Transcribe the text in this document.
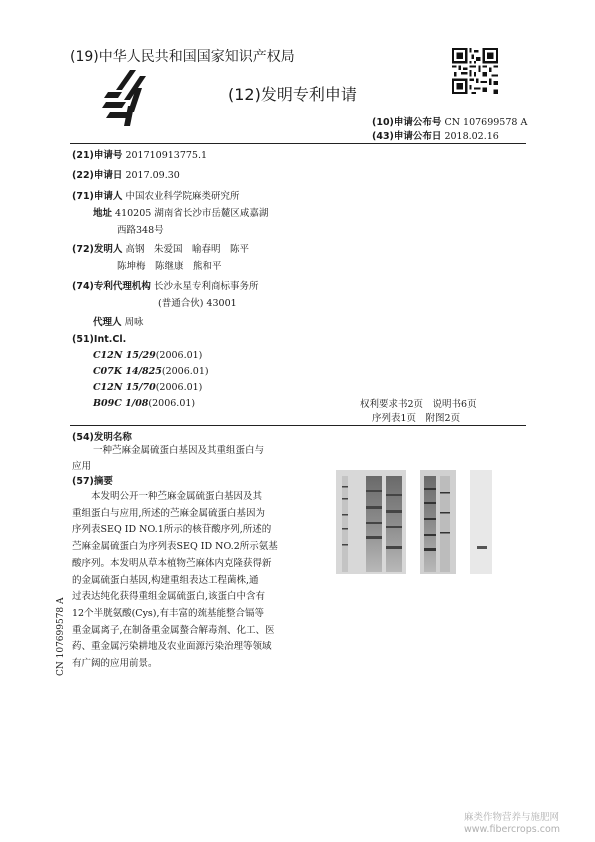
(19)中华人民共和国国家知识产权局
(12)发明专利申请
(10)申请公布号 CN 107699578 A
(43)申请公布日 2018.02.16
(21)申请号 201710913775.1
(22)申请日 2017.09.30
(71)申请人 中国农业科学院麻类研究所
地址 410205 湖南省长沙市岳麓区咸嘉湖
西路348号
(72)发明人 高钢　朱爱国　喻春明　陈平
陈坤梅　陈继康　熊和平
(74)专利代理机构 长沙永星专利商标事务所
(普通合伙) 43001
代理人 周咏
(51)Int.Cl.
C12N 15/29(2006.01)
C07K 14/825(2006.01)
C12N 15/70(2006.01)
B09C 1/08(2006.01)	权利要求书2页　说明书6页
序列表1页　附图2页
(54)发明名称
一种苎麻金属硫蛋白基因及其重组蛋白与
应用
(57)摘要
　　本发明公开一种苎麻金属硫蛋白基因及其
重组蛋白与应用,所述的苎麻金属硫蛋白基因为
序列表SEQ ID NO.1所示的核苷酸序列,所述的
苎麻金属硫蛋白为序列表SEQ ID NO.2所示氨基
酸序列。本发明从草本植物苎麻体内克隆获得新
的金属硫蛋白基因,构建重组表达工程菌株,通
过表达纯化获得重组金属硫蛋白,该蛋白中含有
12个半胱氨酸(Cys),有丰富的巯基能整合镉等
重金属离子,在制备重金属螯合解毒剂、化工、医
药、重金属污染耕地及农业面源污染治理等领域
有广阔的应用前景。
CN 107699578 A
麻类作物营养与施肥网
www.fibercrops.com
